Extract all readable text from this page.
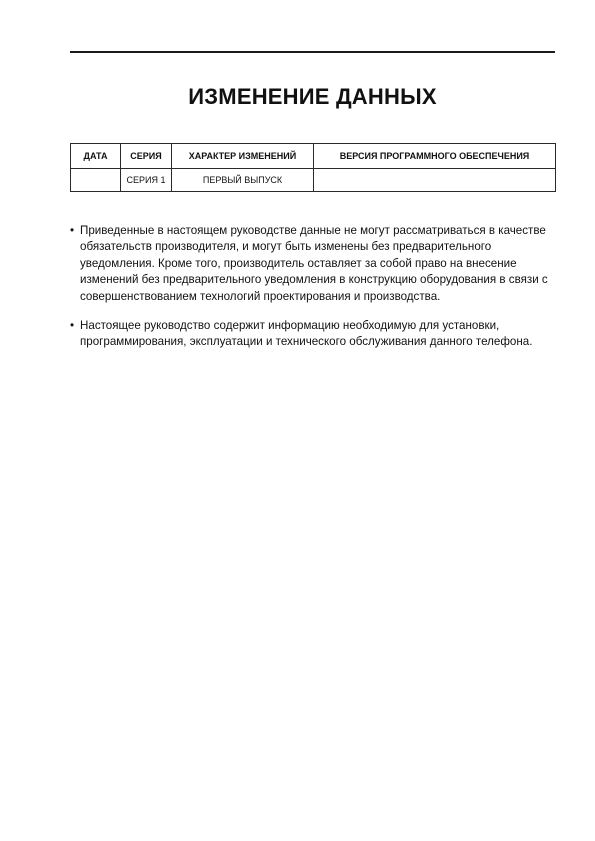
ИЗМЕНЕНИЕ ДАННЫХ
ДАТА	СЕРИЯ	ХАРАКТЕР ИЗМЕНЕНИЙ	ВЕРСИЯ ПРОГРАММНОГО ОБЕСПЕЧЕНИЯ
	СЕРИЯ 1	ПЕРВЫЙ ВЫПУСК	
• Приведенные в настоящем руководстве данные не могут рассматриваться в качестве обязательств производителя, и могут быть изменены без предварительного уведомления. Кроме того, производитель оставляет за собой право на внесение изменений без предварительного уведомления в конструкцию оборудования в связи с совершенствованием технологий проектирования и производства.
• Настоящее руководство содержит информацию необходимую для установки, программирования, эксплуатации и технического обслуживания данного телефона.
